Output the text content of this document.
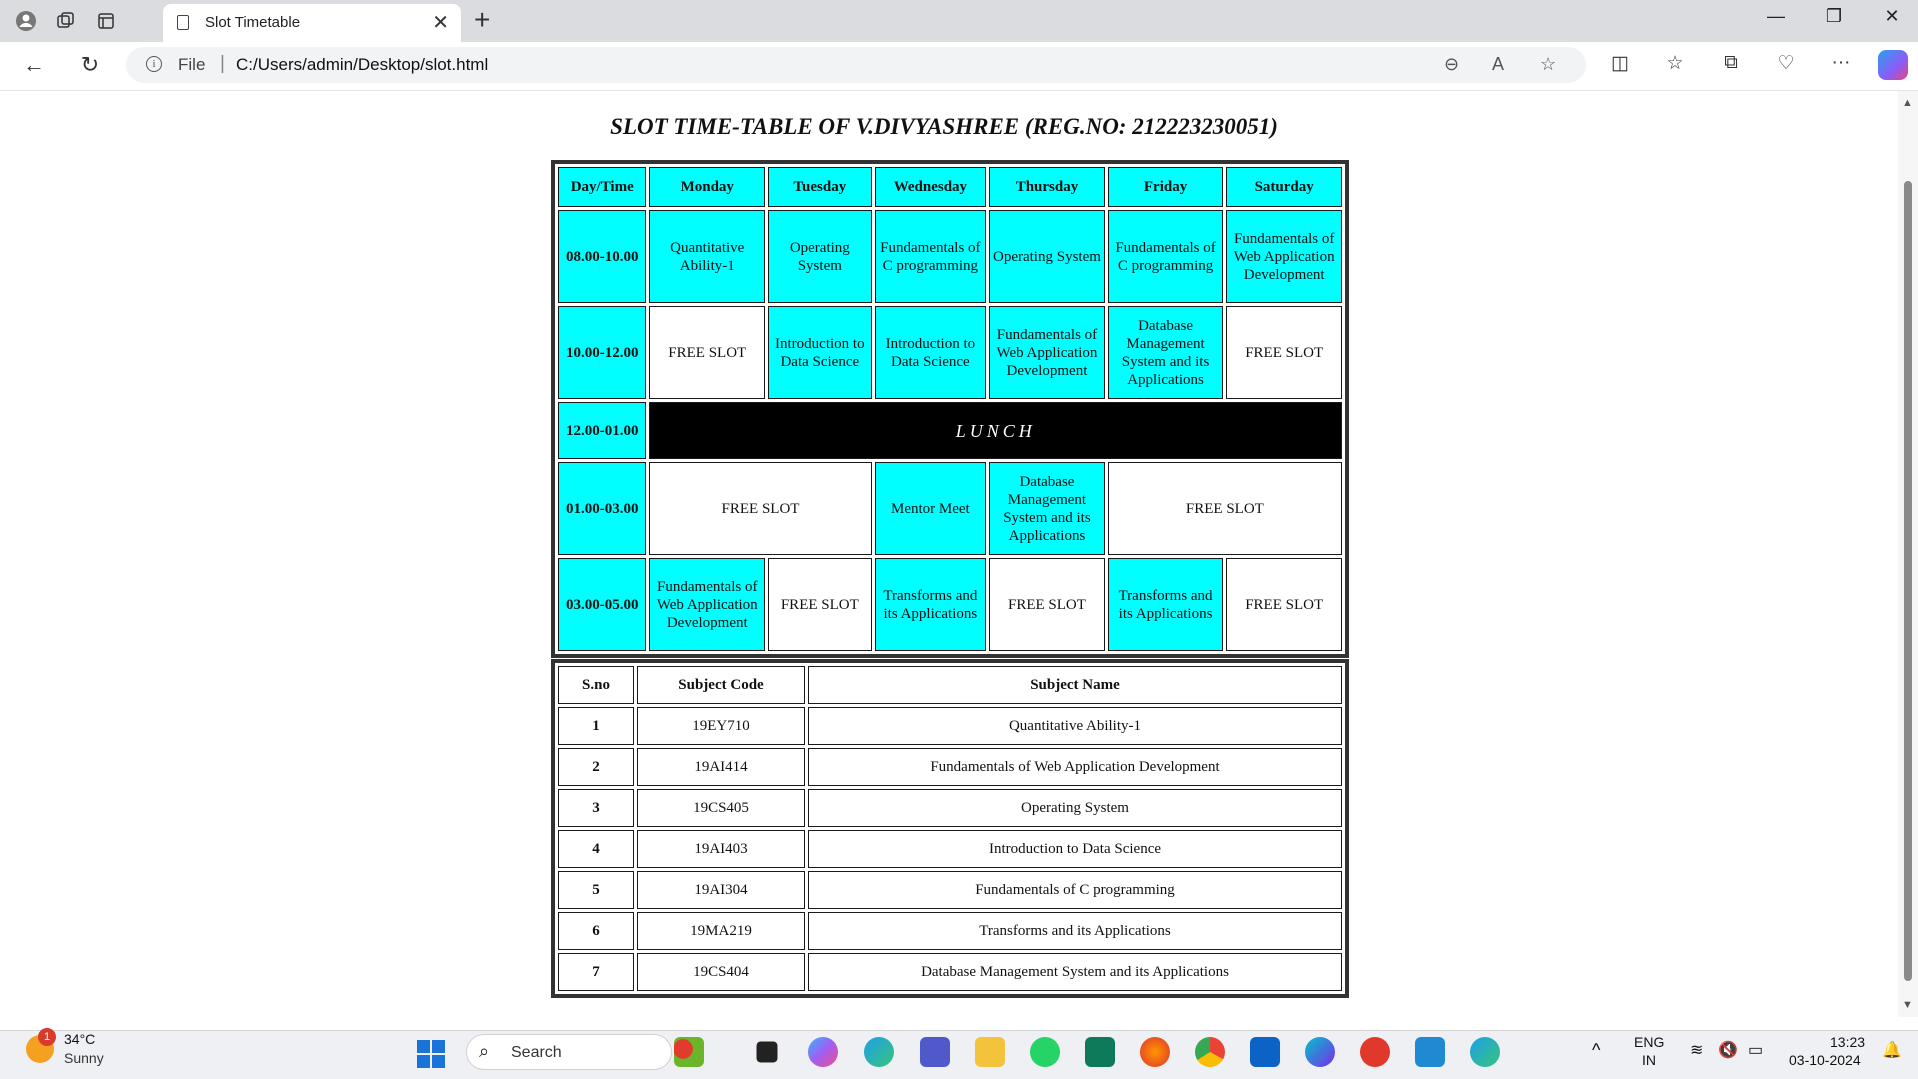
Slot Timetable	✕ +	—	❐	✕
←	↻	i	File | C:/Users/admin/Desktop/slot.html	⊖ A ☆	◫	☆	⧉	♡	···
▲
▼
SLOT TIME-TABLE OF V.DIVYASHREE (REG.NO: 212223230051)
Day/Time	Monday	Tuesday	Wednesday	Thursday	Friday	Saturday
08.00-10.00	Quantitative Ability-1	Operating System	Fundamentals of C programming	Operating System	Fundamentals of C programming	Fundamentals of Web Application Development
10.00-12.00	FREE SLOT	Introduction to Data Science	Introduction to Data Science	Fundamentals of Web Application Development	Database Management System and its Applications	FREE SLOT
12.00-01.00	LUNCH					
01.00-03.00	FREE SLOT		Mentor Meet	Database Management System and its Applications	FREE SLOT	
03.00-05.00	Fundamentals of Web Application Development	FREE SLOT	Transforms and its Applications	FREE SLOT	Transforms and its Applications	FREE SLOT
S.no	Subject Code	Subject Name
1	19EY710	Quantitative Ability-1
2	19AI414	Fundamentals of Web Application Development
3	19CS405	Operating System
4	19AI403	Introduction to Data Science
5	19AI304	Fundamentals of C programming
6	19MA219	Transforms and its Applications
7	19CS404	Database Management System and its Applications
1 34°C
Sunny	⌕ Search	^ ENG
IN
≋ 🔇 ▭	13:23
03-10-2024
🔔
